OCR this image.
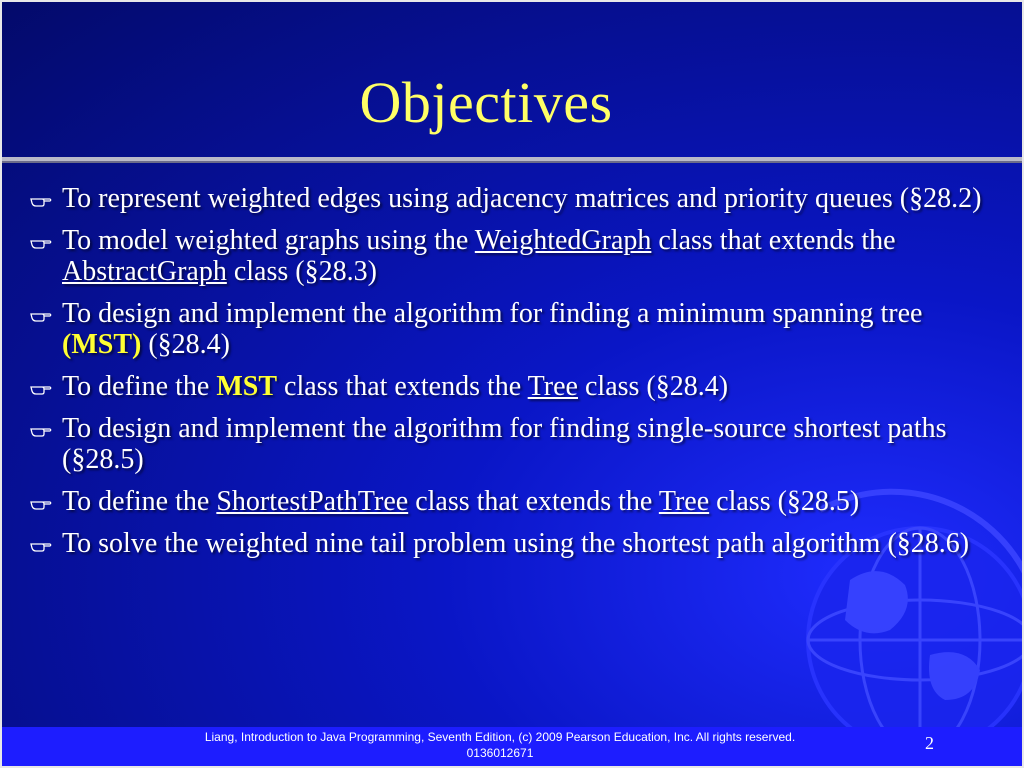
Objectives
To represent weighted edges using adjacency matrices and priority queues (§28.2)
To model weighted graphs using the WeightedGraph class that extends the AbstractGraph class (§28.3)
To design and implement the algorithm for finding a minimum spanning tree (MST) (§28.4)
To define the MST class that extends the Tree class (§28.4)
To design and implement the algorithm for finding single-source shortest paths (§28.5)
To define the ShortestPathTree class that extends the Tree class (§28.5)
To solve the weighted nine tail problem using the shortest path algorithm (§28.6)
Liang, Introduction to Java Programming, Seventh Edition, (c) 2009 Pearson Education, Inc. All rights reserved. 0136012671	2
